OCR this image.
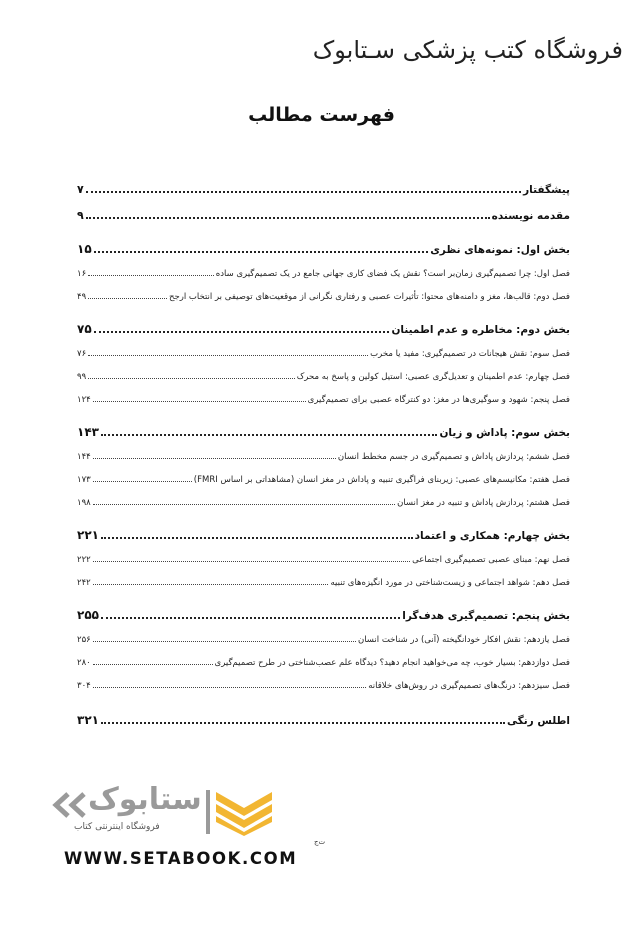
فروشگاه کتب پزشکی سـتابوک
فهرست مطالب
پیشگفتار
۷
مقدمه نویسنده
۹
بخش اول: نمونه‌های نظری
۱۵
فصل اول: چرا تصمیم‌گیری زمان‌بر است؟ نقش یک فضای کاری جهانی جامع در یک تصمیم‌گیری ساده
۱۶
فصل دوم: قالب‌ها، مغز و دامنه‌های محتوا: تأثیرات عصبی و رفتاری نگرانی از موقعیت‌های توصیفی بر انتخاب ارجح
۴۹
بخش دوم: مخاطره و عدم اطمینان
۷۵
فصل سوم: نقش هیجانات در تصمیم‌گیری: مفید یا مخرب
۷۶
فصل چهارم: عدم اطمینان و تعدیل‌گری عصبی: استیل کولین و پاسخ به محرک
۹۹
فصل پنجم: شهود و سوگیری‌ها در مغز: دو کنترگاه عصبی برای تصمیم‌گیری
۱۲۴
بخش سوم: پاداش و زیان
۱۴۳
فصل ششم: پردازش پاداش و تصمیم‌گیری در جسم مخطط انسان
۱۴۴
فصل هفتم: مکانیسم‌های عصبی: زیربنای فراگیری تنبیه و پاداش در مغز انسان (مشاهداتی بر اساس FMRI)
۱۷۳
فصل هشتم: پردازش پاداش و تنبیه در مغز انسان
۱۹۸
بخش چهارم: همکاری و اعتماد
۲۲۱
فصل نهم: مبنای عصبی تصمیم‌گیری اجتماعی
۲۲۲
فصل دهم: شواهد اجتماعی و زیست‌شناختی در مورد انگیزه‌های تنبیه
۲۴۲
بخش پنجم: تصمیم‌گیری هدف‌گرا
۲۵۵
فصل یازدهم: نقش افکار خودانگیخته (آنی) در شناخت انسان
۲۵۶
فصل دوازدهم: بسیار خوب، چه می‌خواهید انجام دهید؟ دیدگاه علم عصب‌شناختی در طرح تصمیم‌گیری
۲۸۰
فصل سیزدهم: درنگ‌های تصمیم‌گیری در روش‌های خلاقانه
۳۰۴
اطلس رنگی
۳۲۱
ستابوک
فروشگاه اینترنتی کتاب
WWW.SETABOOK.COM
ت‌ج
